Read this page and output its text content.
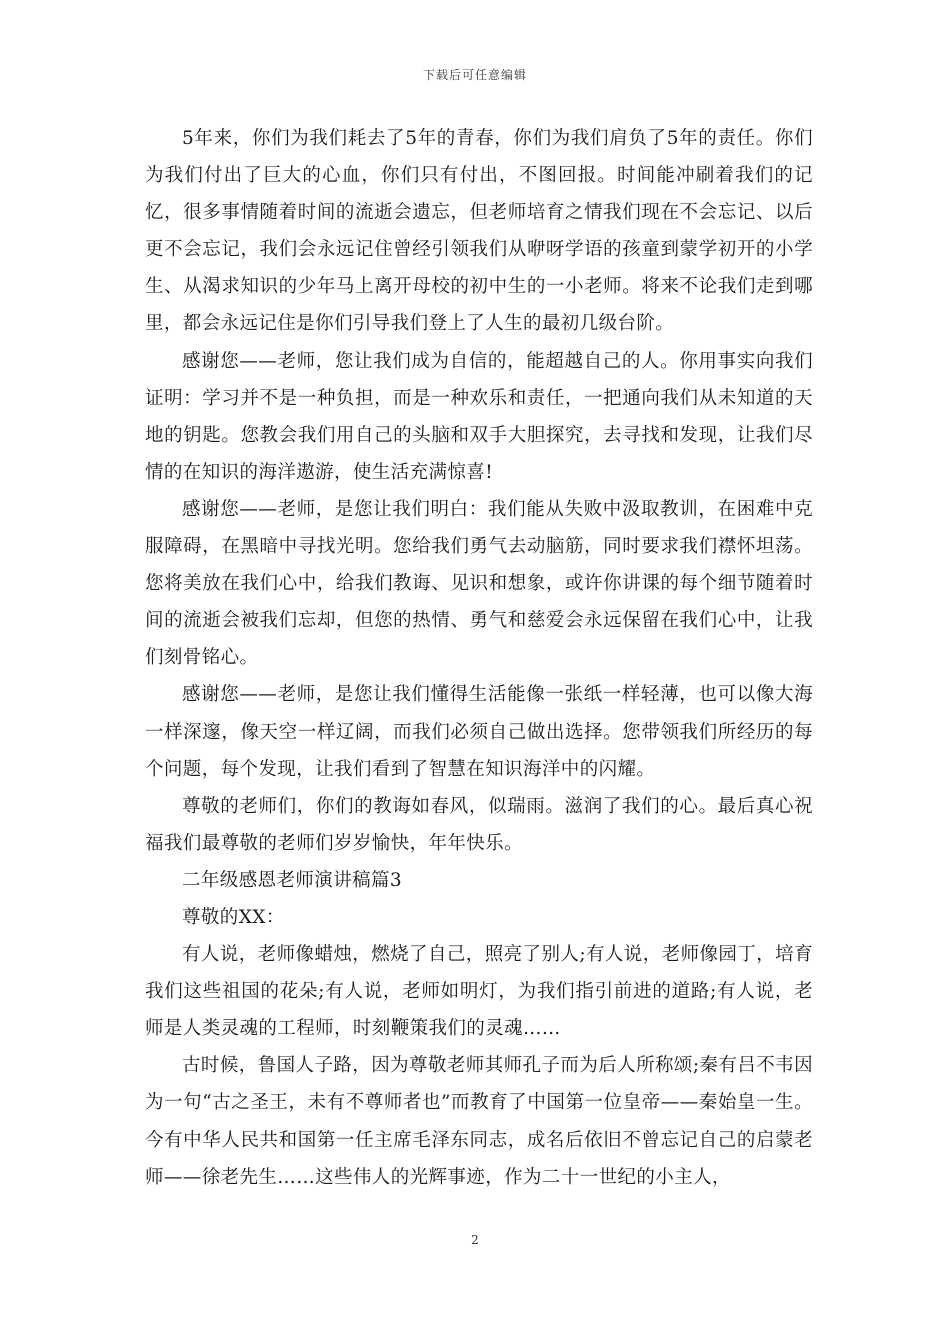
下载后可任意编辑

5年来，你们为我们耗去了5年的青春，你们为我们肩负了5年的责任。你们为我们付出了巨大的心血，你们只有付出，不图回报。时间能冲刷着我们的记忆，很多事情随着时间的流逝会遗忘，但老师培育之情我们现在不会忘记、以后更不会忘记，我们会永远记住曾经引领我们从咿呀学语的孩童到蒙学初开的小学生、从渴求知识的少年马上离开母校的初中生的一小老师。将来不论我们走到哪里，都会永远记住是你们引导我们登上了人生的最初几级台阶。

感谢您——老师，您让我们成为自信的，能超越自己的人。你用事实向我们证明：学习并不是一种负担，而是一种欢乐和责任，一把通向我们从未知道的天地的钥匙。您教会我们用自己的头脑和双手大胆探究，去寻找和发现，让我们尽情的在知识的海洋遨游，使生活充满惊喜!

感谢您——老师，是您让我们明白：我们能从失败中汲取教训，在困难中克服障碍，在黑暗中寻找光明。您给我们勇气去动脑筋，同时要求我们襟怀坦荡。您将美放在我们心中，给我们教诲、见识和想象，或许你讲课的每个细节随着时间的流逝会被我们忘却，但您的热情、勇气和慈爱会永远保留在我们心中，让我们刻骨铭心。

感谢您——老师，是您让我们懂得生活能像一张纸一样轻薄，也可以像大海一样深邃，像天空一样辽阔，而我们必须自己做出选择。您带领我们所经历的每个问题，每个发现，让我们看到了智慧在知识海洋中的闪耀。

尊敬的老师们，你们的教诲如春风，似瑞雨。滋润了我们的心。最后真心祝福我们最尊敬的老师们岁岁愉快，年年快乐。

二年级感恩老师演讲稿篇3

尊敬的XX：

有人说，老师像蜡烛，燃烧了自己，照亮了别人;有人说，老师像园丁，培育我们这些祖国的花朵;有人说，老师如明灯，为我们指引前进的道路;有人说，老师是人类灵魂的工程师，时刻鞭策我们的灵魂……

古时候，鲁国人子路，因为尊敬老师其师孔子而为后人所称颂;秦有吕不韦因为一句“古之圣王，未有不尊师者也”而教育了中国第一位皇帝——秦始皇一生。今有中华人民共和国第一任主席毛泽东同志，成名后依旧不曾忘记自己的启蒙老师——徐老先生……这些伟人的光辉事迹，作为二十一世纪的小主人，

2
